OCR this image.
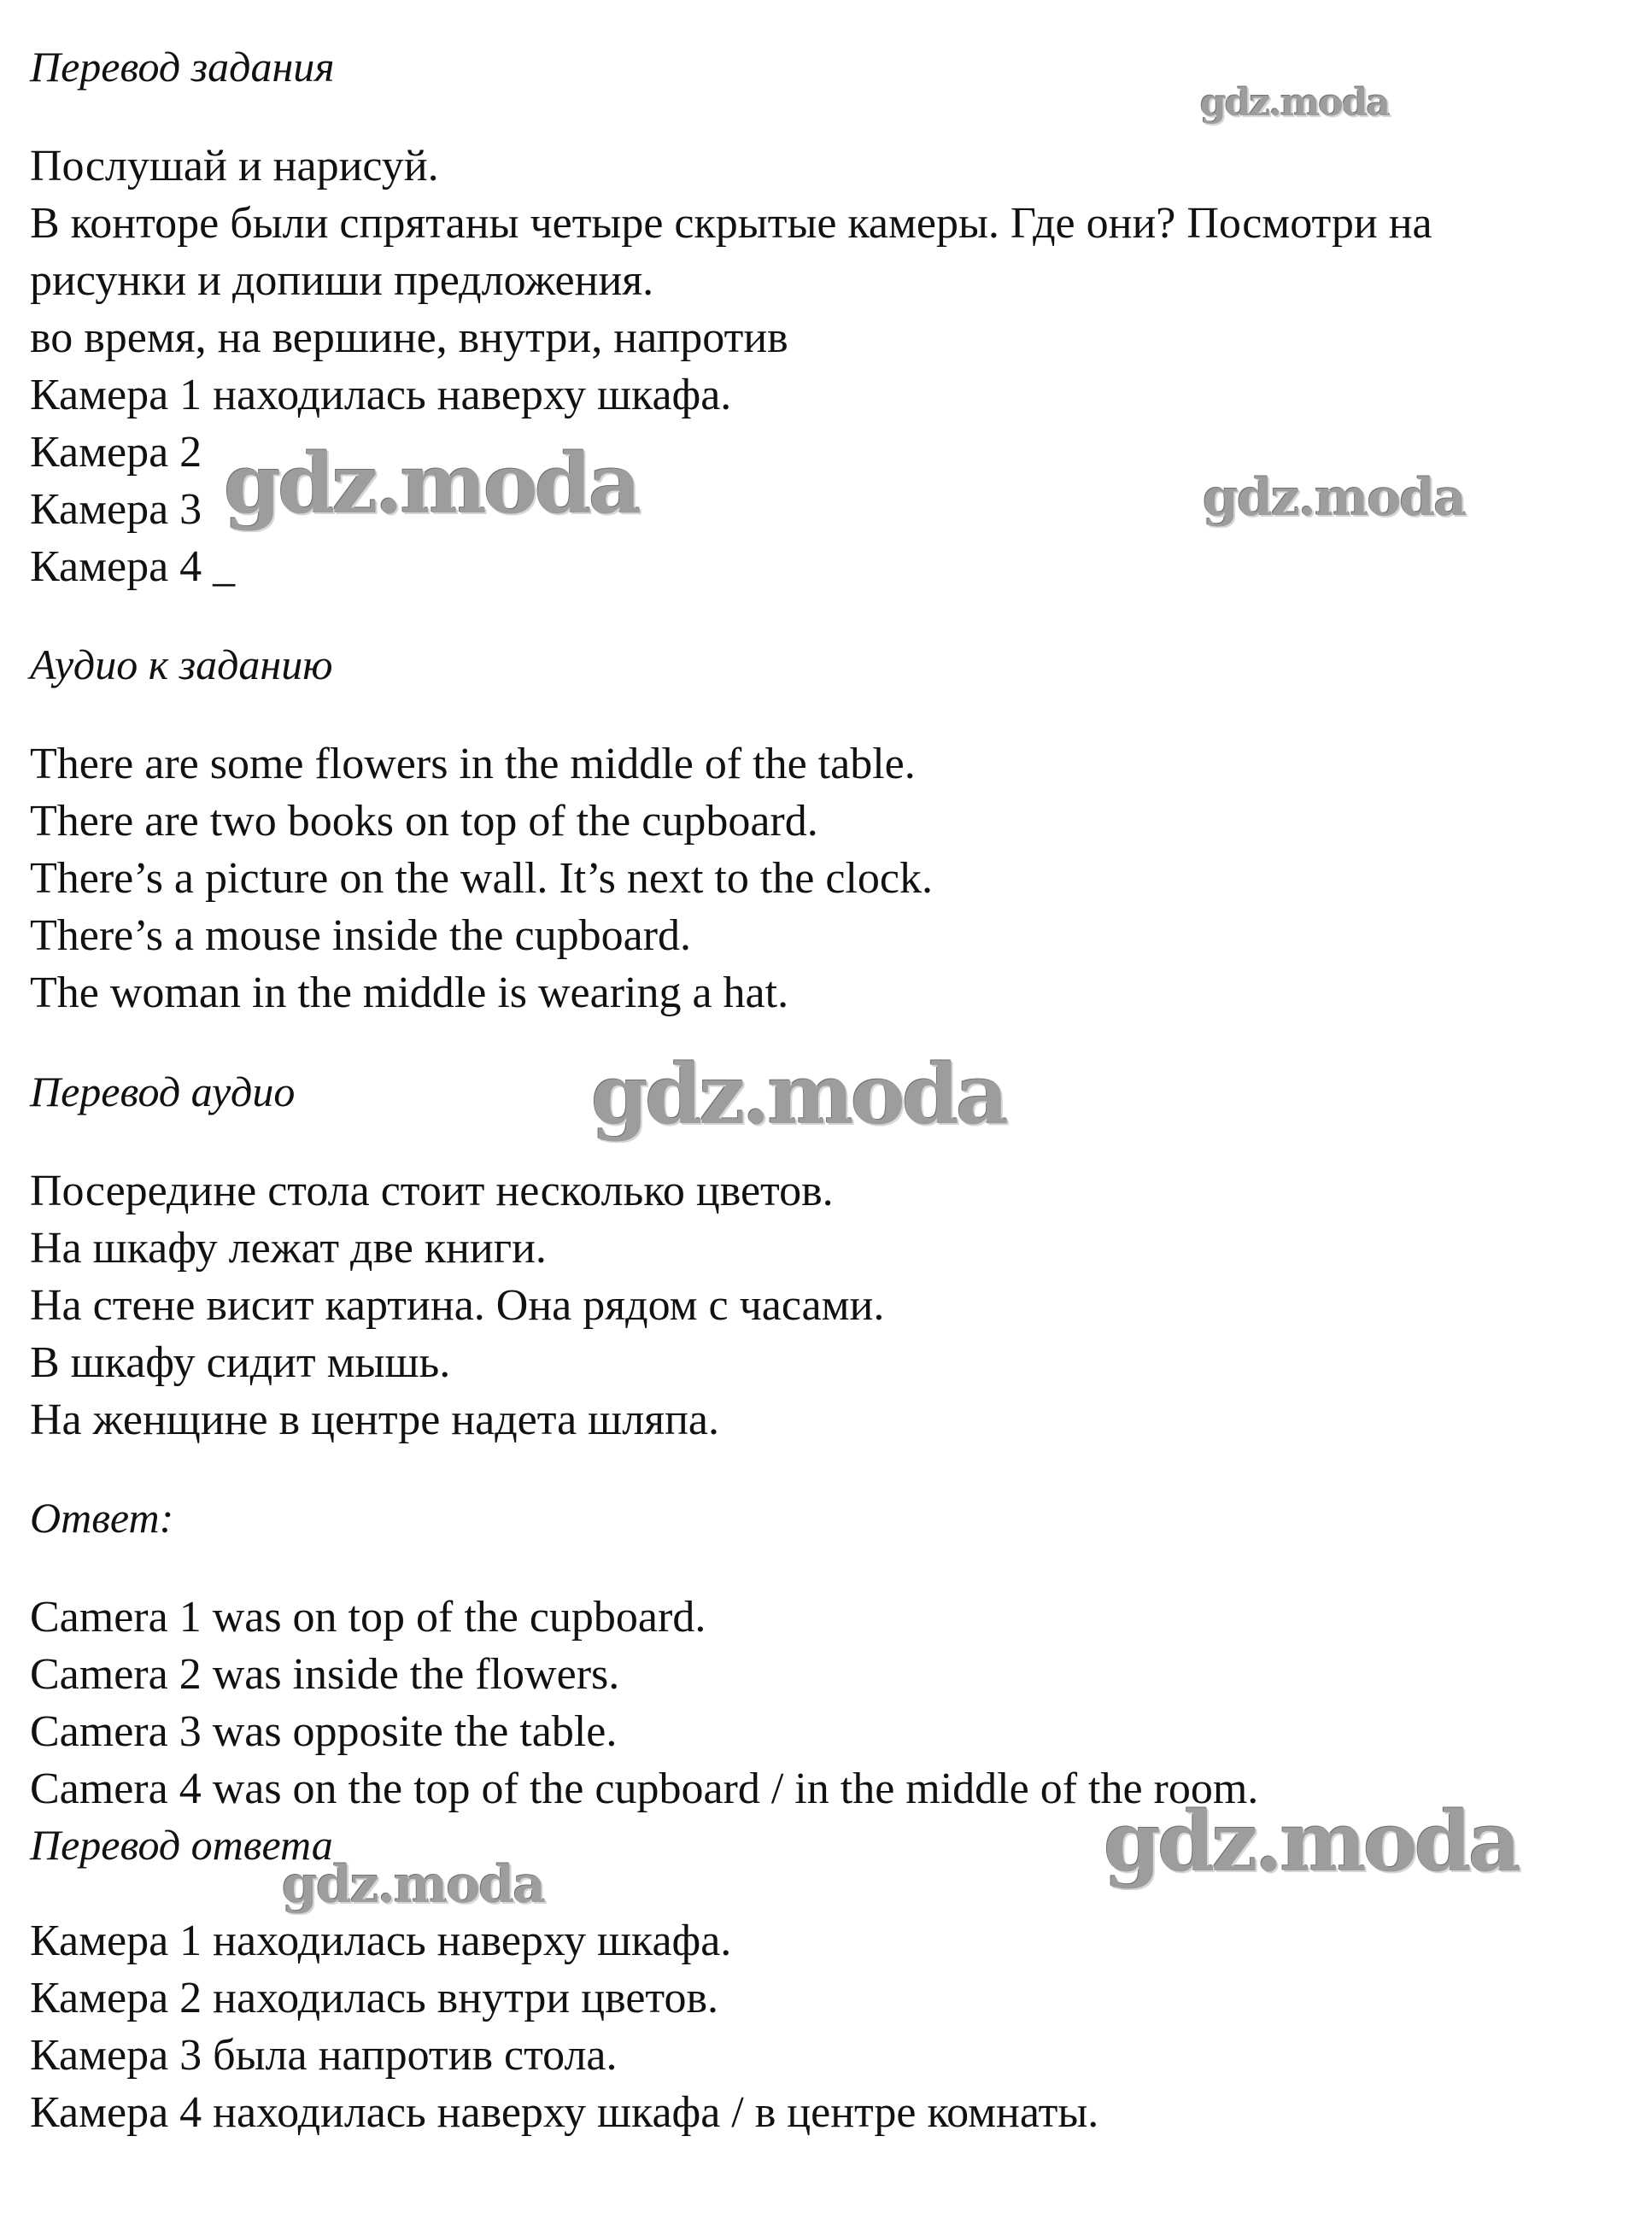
Перевод задания

Послушай и нарисуй.

В конторе были спрятаны четыре скрытые камеры. Где они? Посмотри на

рисунки и допиши предложения.

во время, на вершине, внутри, напротив

Камера 1 находилась наверху шкафа.

Камера 2

Камера 3

Камера 4 _

Аудио к заданию

There are some flowers in the middle of the table.

There are two books on top of the cupboard.

There’s a picture on the wall. It’s next to the clock.

There’s a mouse inside the cupboard.

The woman in the middle is wearing a hat.

Перевод аудио

Посередине стола стоит несколько цветов.

На шкафу лежат две книги.

На стене висит картина. Она рядом с часами.

В шкафу сидит мышь.

На женщине в центре надета шляпа.

Ответ:

Camera 1 was on top of the cupboard.

Camera 2 was inside the flowers.

Camera 3 was opposite the table.

Camera 4 was on the top of the cupboard / in the middle of the room.

Перевод ответа

Камера 1 находилась наверху шкафа.

Камера 2 находилась внутри цветов.

Камера 3 была напротив стола.

Камера 4 находилась наверху шкафа / в центре комнаты.

gdz.moda
gdz.moda	gdz.moda
gdz.moda
gdz.moda
gdz.moda
